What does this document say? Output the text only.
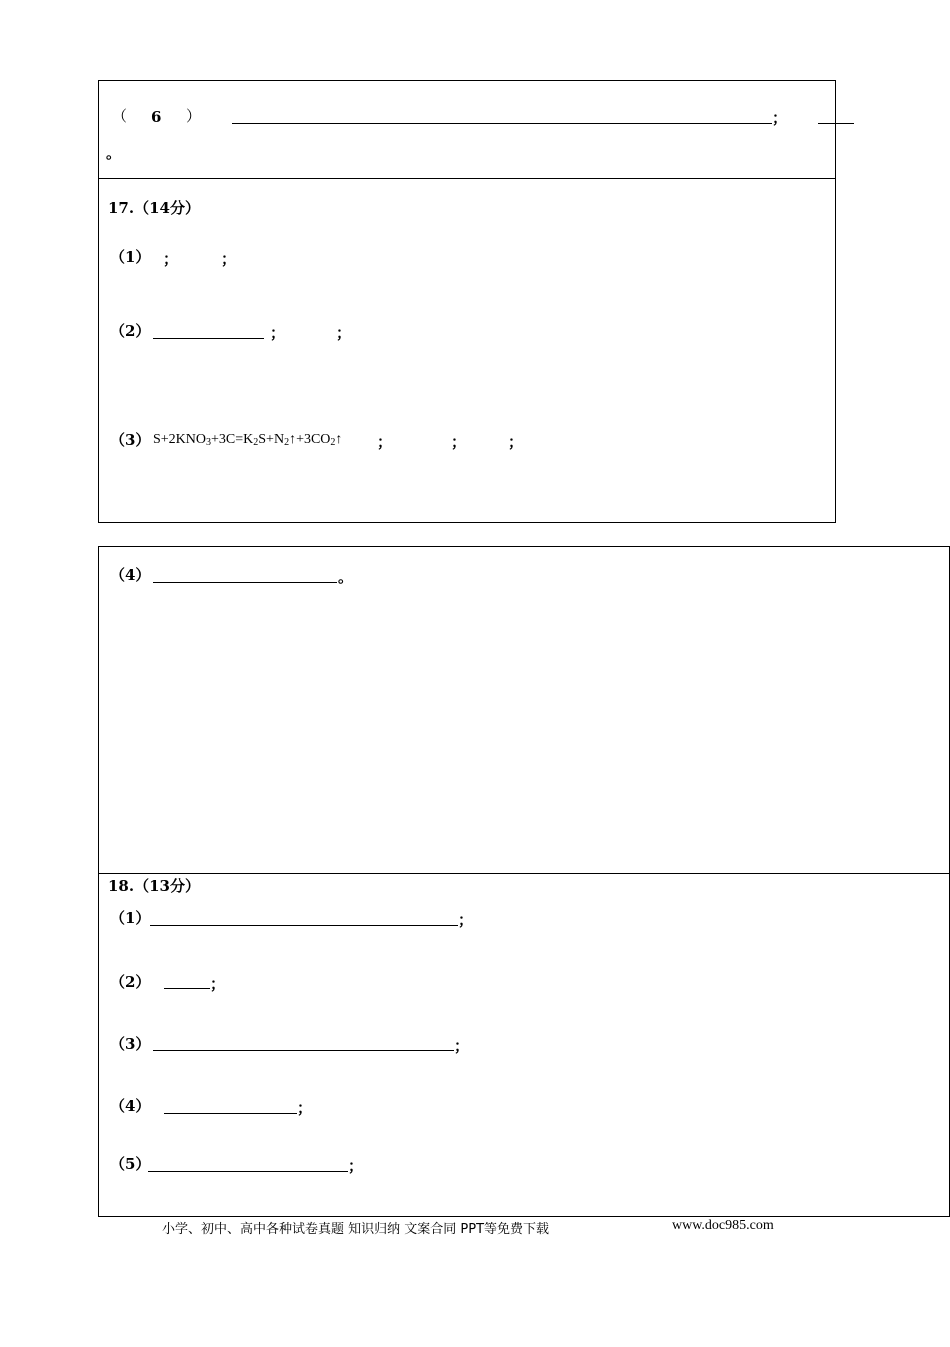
（ 6 ）	；
。
17.（14分）
（1） ；	；
（2）	；	；
（3） $S+2KNO_3+3C=K_2S+N_2↑+3CO_2↑$ ；	；	；
（4）	。
18.（13分）
（1）	；
（2）	；
（3）	；
（4）	；
（5）	；
小学、初中、高中各种试卷真题 知识归纳 文案合同 PPT等免费下载	www.doc985.com
